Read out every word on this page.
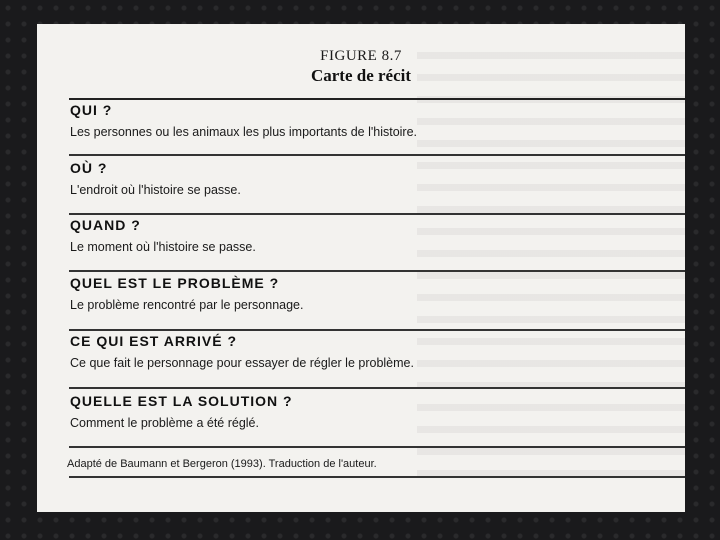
FIGURE 8.7
Carte de récit
QUI ?
Les personnes ou les animaux les plus importants de l'histoire.
OÙ ?
L'endroit où l'histoire se passe.
QUAND ?
Le moment où l'histoire se passe.
QUEL EST LE PROBLÈME ?
Le problème rencontré par le personnage.
CE QUI EST ARRIVÉ ?
Ce que fait le personnage pour essayer de régler le problème.
QUELLE EST LA SOLUTION ?
Comment le problème a été réglé.
Adapté de Baumann et Bergeron (1993). Traduction de l'auteur.
